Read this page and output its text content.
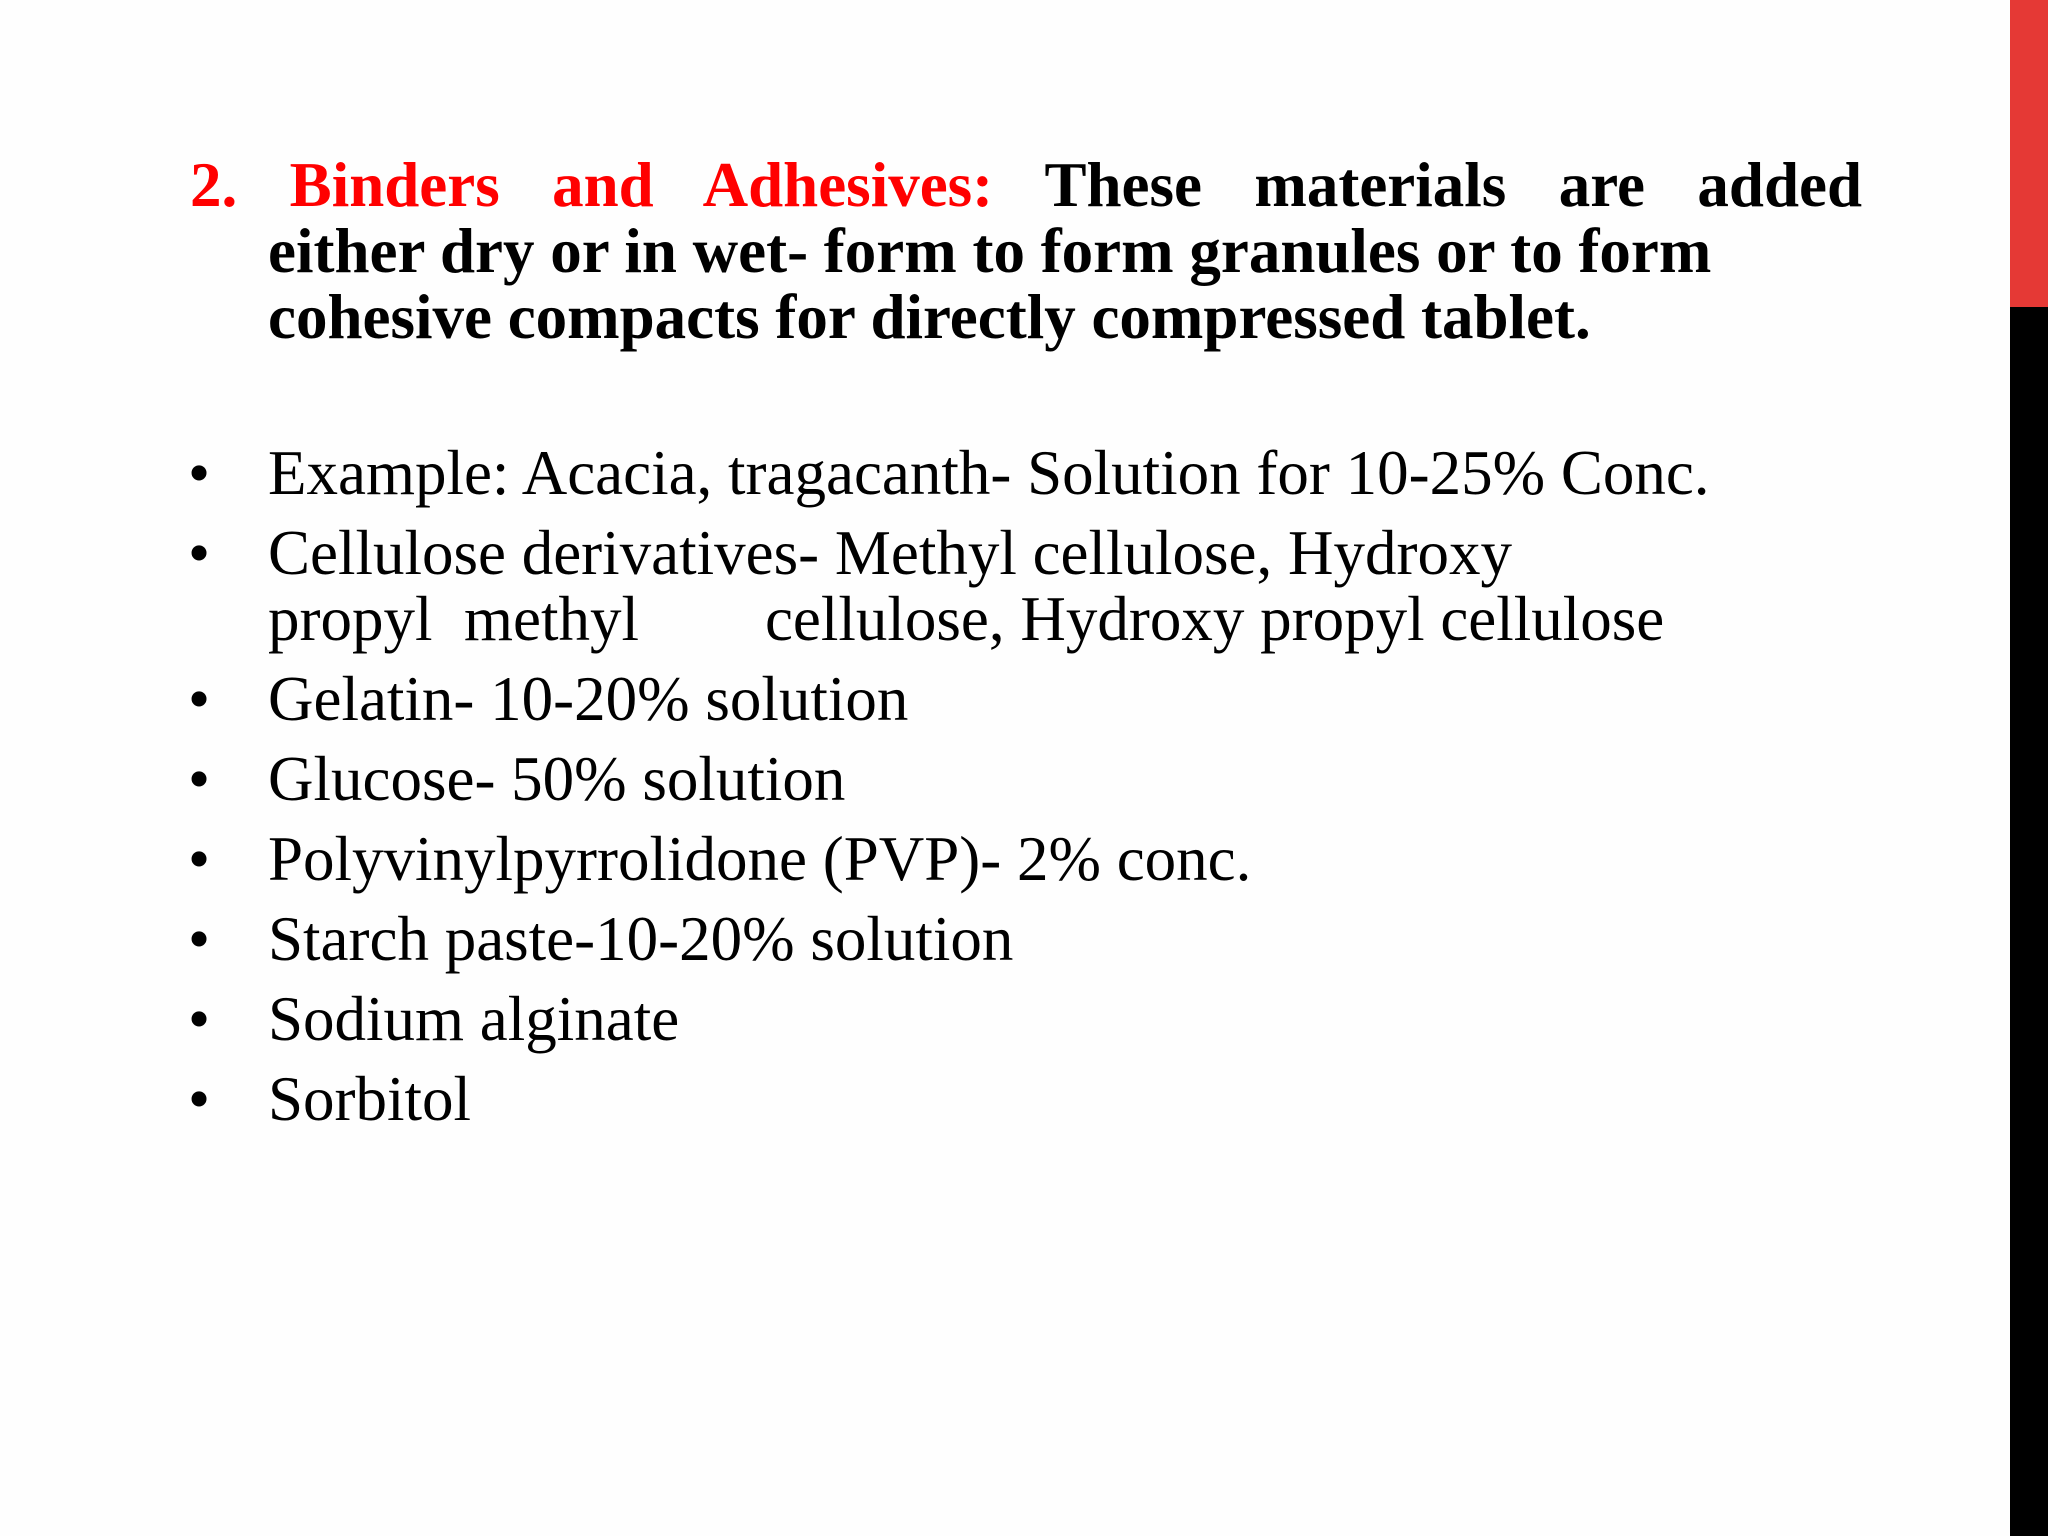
2. Binders and Adhesives: These materials are added
either dry or in wet- form to form granules or to form
cohesive compacts for directly compressed tablet.
• Example: Acacia, tragacanth- Solution for 10-25% Conc.
• Cellulose derivatives- Methyl cellulose, Hydroxy
propyl  methyl        cellulose, Hydroxy propyl cellulose
• Gelatin- 10-20% solution
• Glucose- 50% solution
• Polyvinylpyrrolidone (PVP)- 2% conc.
• Starch paste-10-20% solution
• Sodium alginate
• Sorbitol
